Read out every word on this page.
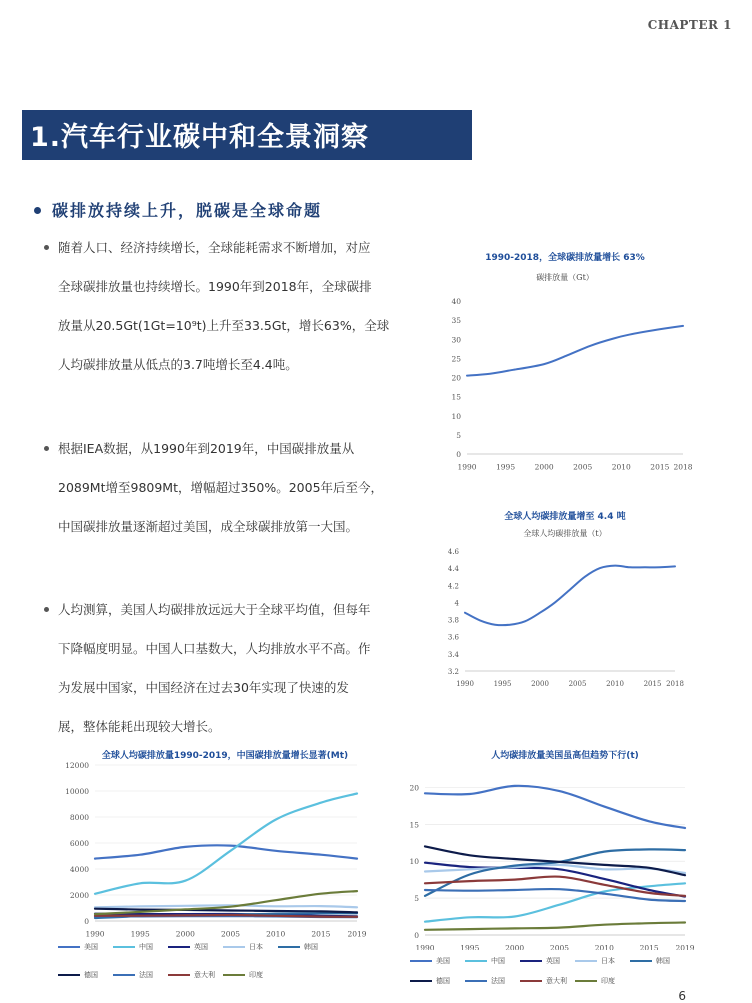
CHAPTER 1
1.汽车行业碳中和全景洞察
碳排放持续上升，脱碳是全球命题
随着人口、经济持续增长，全球能耗需求不断增加，对应
全球碳排放量也持续增长。1990年到2018年，全球碳排
放量从20.5Gt(1Gt=10⁹t)上升至33.5Gt，增长63%，全球
人均碳排放量从低点的3.7吨增长至4.4吨。
根据IEA数据，从1990年到2019年，中国碳排放量从
2089Mt增至9809Mt，增幅超过350%。2005年后至今，
中国碳排放量逐渐超过美国，成全球碳排放第一大国。
人均测算，美国人均碳排放远远大于全球平均值，但每年
下降幅度明显。中国人口基数大，人均排放水平不高。作
为发展中国家，中国经济在过去30年实现了快速的发
展，整体能耗出现较大增长。
1990-2018，全球碳排放量增长 63%
碳排放量（Gt）
0
5
10
15
20
25
30
35
40
1990	1995	2000	2005	2010	2015 2018
全球人均碳排放量增至 4.4 吨
全球人均碳排放量（t）
3.2
3.4
3.6
3.8
4
4.2
4.4
4.6
1990	1995	2000	2005	2010	2015 2018
全球人均碳排放量1990-2019，中国碳排放量增长显著(Mt)
0
2000
4000
6000
8000
10000
12000
1990	1995	2000	2005	2010	2015 2019
美国	中国	英国	日本	韩国
德国	法国	意大利	印度
人均碳排放量美国虽高但趋势下行(t)
0
5
10
15
20
1990	1995	2000	2005	2010	2015 2019
美国	中国	英国	日本	韩国
德国	法国	意大利	印度
6
